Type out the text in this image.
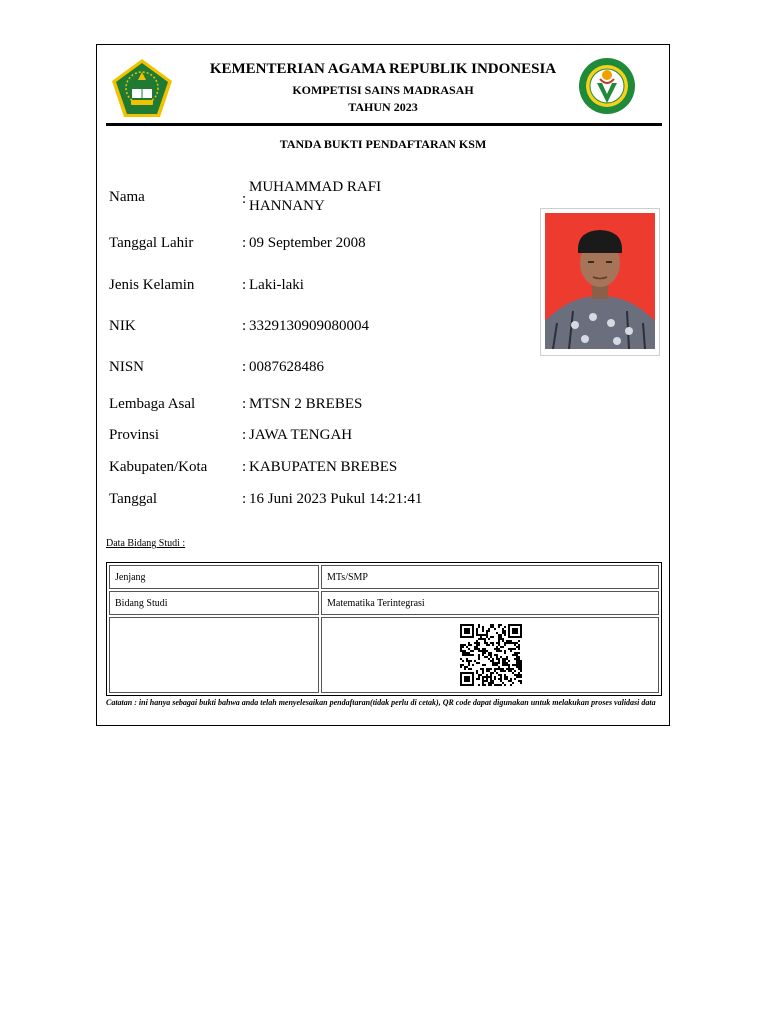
KEMENTERIAN AGAMA REPUBLIK INDONESIA
KOMPETISI SAINS MADRASAH
TAHUN 2023
TANDA BUKTI PENDAFTARAN KSM
Nama	:
MUHAMMAD RAFI
HANNANY
Tanggal Lahir	: 09 September 2008
Jenis Kelamin	: Laki-laki
NIK	: 3329130909080004
NISN	: 0087628486
Lembaga Asal	: MTSN 2 BREBES
Provinsi	: JAWA TENGAH
Kabupaten/Kota	: KABUPATEN BREBES
Tanggal	: 16 Juni 2023 Pukul 14:21:41
Data Bidang Studi :
Jenjang	MTs/SMP
Bidang Studi	Matematika Terintegrasi

Catatan : ini hanya sebagai bukti bahwa anda telah menyelesaikan pendaftaran(tidak perlu di cetak), QR code dapat digunakan untuk melakukan proses validasi data
